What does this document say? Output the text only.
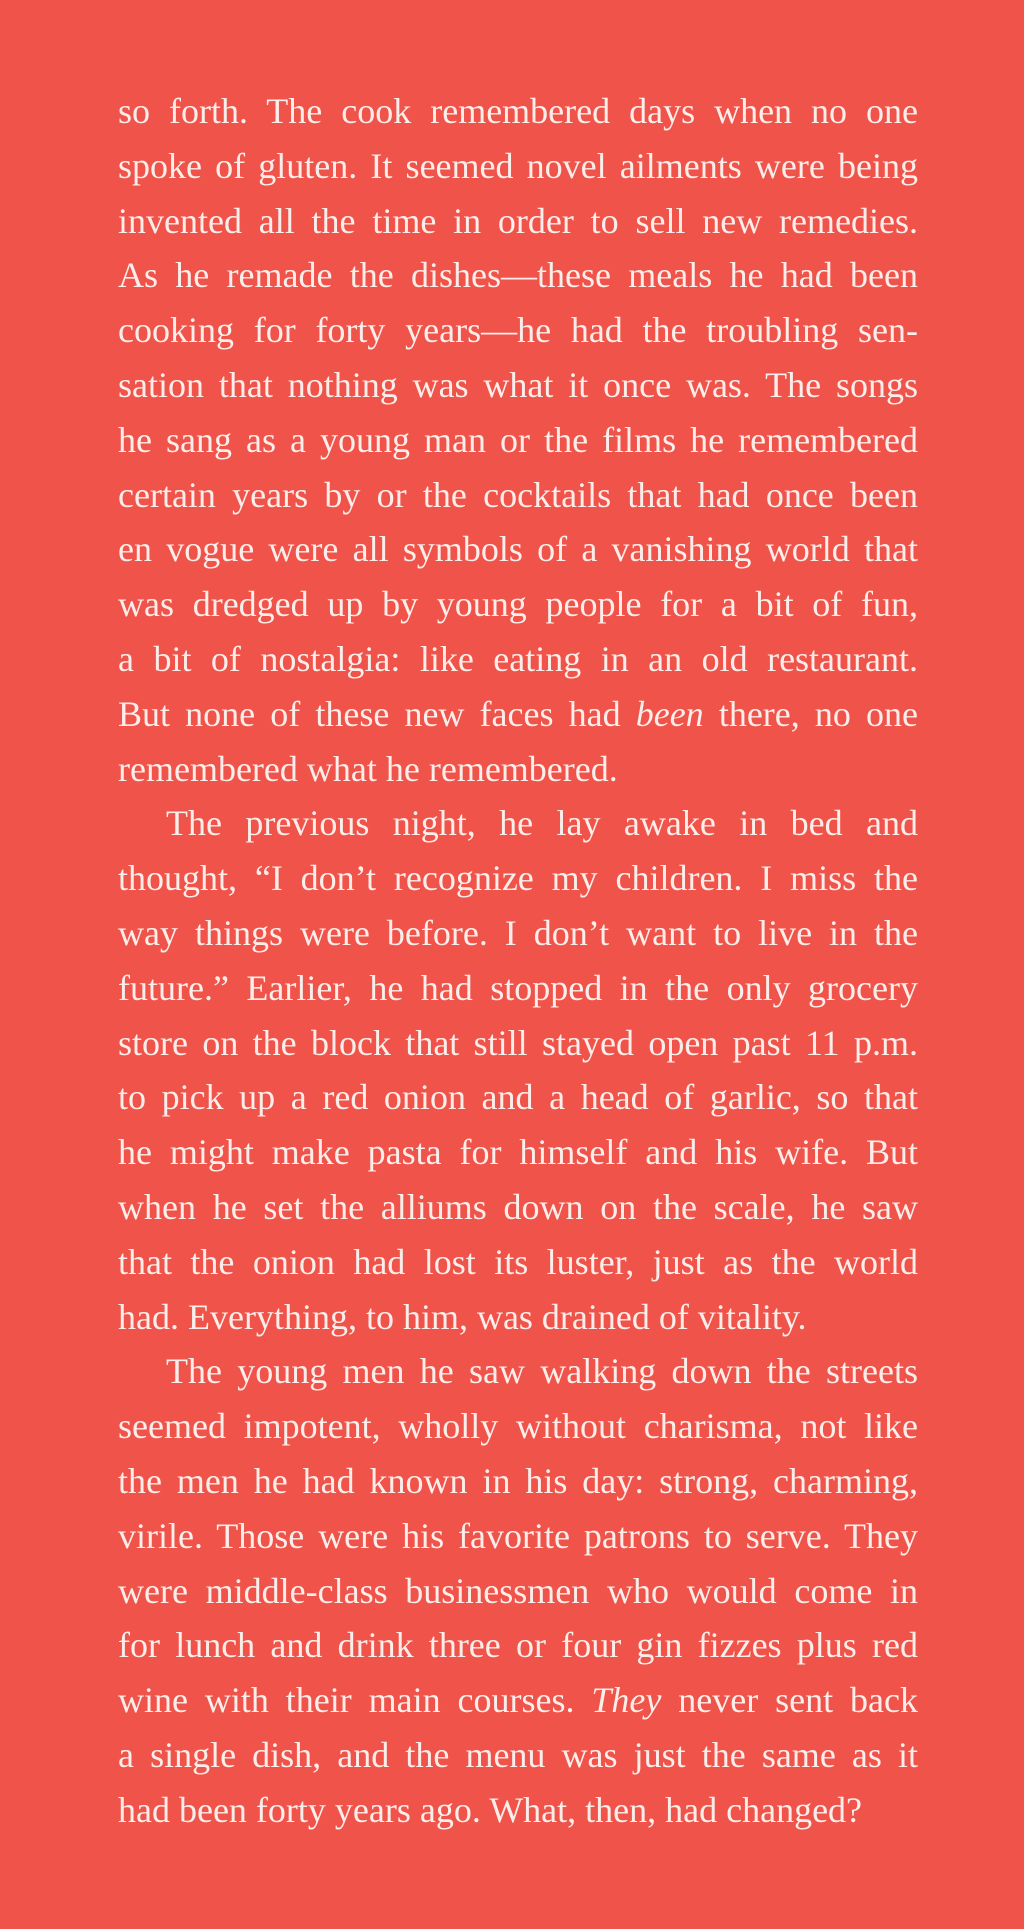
so forth. The cook remembered days when no one
spoke of gluten. It seemed novel ailments were being
invented all the time in order to sell new remedies.
As he remade the dishes—these meals he had been
cooking for forty years—he had the troubling sen-
sation that nothing was what it once was. The songs
he sang as a young man or the films he remembered
certain years by or the cocktails that had once been
en vogue were all symbols of a vanishing world that
was dredged up by young people for a bit of fun,
a bit of nostalgia: like eating in an old restaurant.
But none of these new faces had been there, no one
remembered what he remembered.
The previous night, he lay awake in bed and
thought, “I don’t recognize my children. I miss the
way things were before. I don’t want to live in the
future.” Earlier, he had stopped in the only grocery
store on the block that still stayed open past 11 p.m.
to pick up a red onion and a head of garlic, so that
he might make pasta for himself and his wife. But
when he set the alliums down on the scale, he saw
that the onion had lost its luster, just as the world
had. Everything, to him, was drained of vitality.
The young men he saw walking down the streets
seemed impotent, wholly without charisma, not like
the men he had known in his day: strong, charming,
virile. Those were his favorite patrons to serve. They
were middle-class businessmen who would come in
for lunch and drink three or four gin fizzes plus red
wine with their main courses. They never sent back
a single dish, and the menu was just the same as it
had been forty years ago. What, then, had changed?
